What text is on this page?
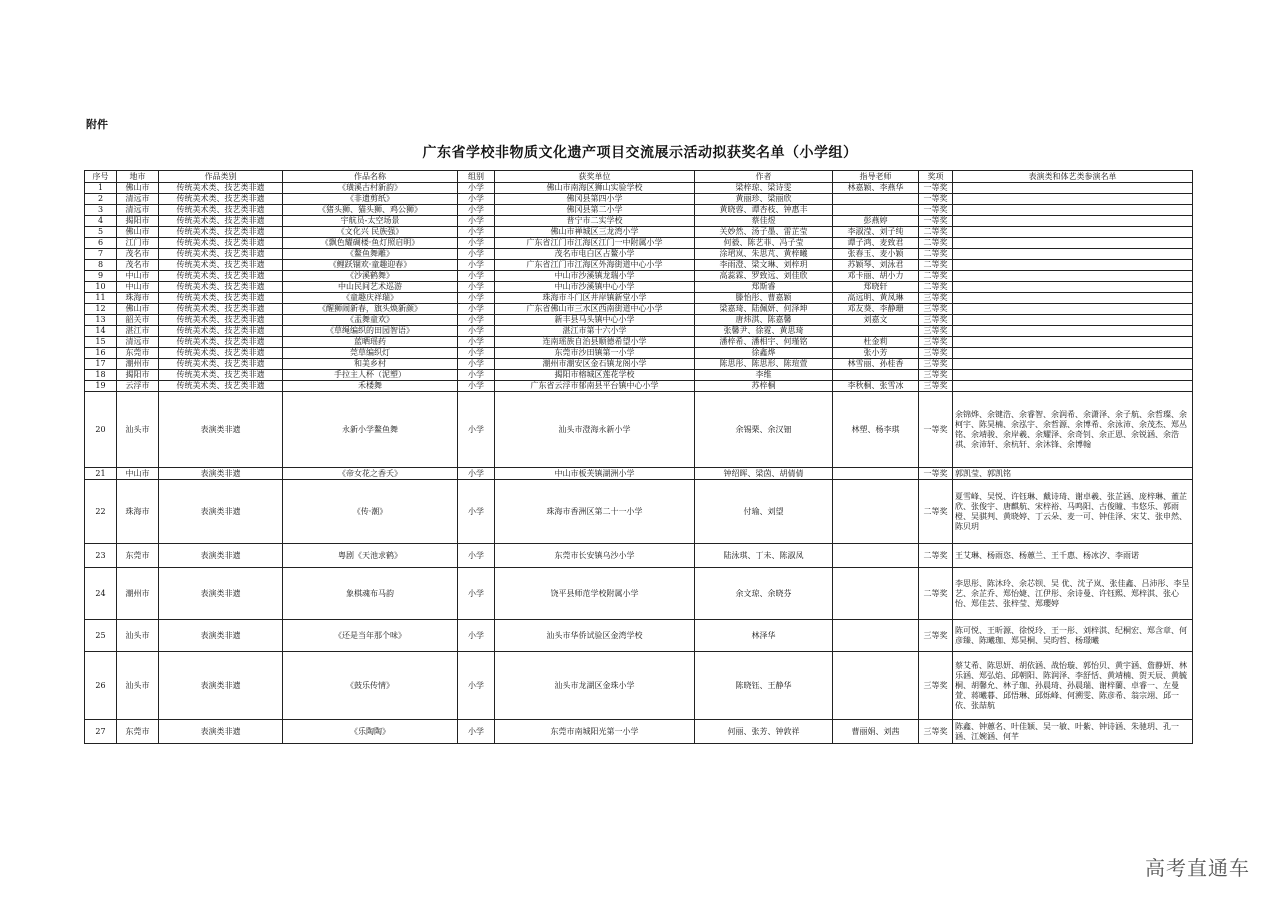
附件
广东省学校非物质文化遗产项目交流展示活动拟获奖名单（小学组）
序号	地市	作品类别	作品名称	组别	获奖单位	作者	指导老师	奖项	表演类和体艺类参演名单
1	佛山市	传统美术类、技艺类非遗	《璜溪古村新韵》	小学	佛山市南海区狮山实验学校	梁梓琼、梁诗雯	林嘉颖、李燕华	一等奖	
2	清远市	传统美术类、技艺类非遗	《非遗剪纸》	小学	佛冈县第四小学	黄丽珍、梁丽欣		一等奖	
3	清远市	传统美术类、技艺类非遗	《猪头狮、猫头狮、鸡公狮》	小学	佛冈县第二小学	黄晓蓉、谭杏枝、钟惠丰		一等奖	
4	揭阳市	传统美术类、技艺类非遗	宇航员-太空场景	小学	普宁市二实学校	蔡佳煜	彭燕婷	一等奖	
5	佛山市	传统美术类、技艺类非遗	《文化兴 民族强》	小学	佛山市禅城区三龙湾小学	关妙然、汤子墨、雷芷莹	李淑滢、刘子纯	二等奖	
6	江门市	传统美术类、技艺类非遗	《飘色耀碉楼·鱼灯照启明》	小学	广东省江门市江海区江门一中附属小学	何毅、陈艺菲、冯子莹	谭子鸿、麦致君	二等奖	
7	茂名市	传统美术类、技艺类非遗	《鳌鱼舞雕》	小学	茂名市电白区占鳌小学	涂珺岚、朱思芃、黄梓曦	张春玉、麦小颖	二等奖	
8	茂名市	传统美术类、技艺类非遗	《鲤跃锢欢·童趣迎春》	小学	广东省江门市江海区外海街道中心小学	李雨澄、梁文琳、刘梓玥	苏颖琴、刘泳君	二等奖	
9	中山市	传统美术类、技艺类非遗	《沙溪鹤舞》	小学	中山市沙溪镇龙瑞小学	高蕊霖、罗致远、刘佳欣	邓卡丽、胡小力	二等奖	
10	中山市	传统美术类、技艺类非遗	中山民间艺术巡游	小学	中山市沙溪镇中心小学	郑斯睿	郑晓轩	二等奖	
11	珠海市	传统美术类、技艺类非遗	《童趣庆祥瑞》	小学	珠海市斗门区井岸镇新堂小学	滕怡彤、曹嘉颖	高远明、黄凤琳	三等奖	
12	佛山市	传统美术类、技艺类非遗	《醒狮闹新春，旗头焕新颜》	小学	广东省佛山市三水区西南街道中心小学	梁嘉琦、陆佩妍、何泽坤	邓友葵、李静珊	三等奖	
13	韶关市	传统美术类、技艺类非遗	《盂舞童欢》	小学	新丰县马头镇中心小学	唐炜淇、陈嘉馨	刘嘉文	三等奖	
14	湛江市	传统美术类、技艺类非遗	《草绳编织的田园智语》	小学	湛江市第十六小学	张馨尹、徐霓、黄思琦		三等奖	
15	清远市	传统美术类、技艺类非遗	蓝晒瑶药	小学	连南瑶族自治县顺德希望小学	潘梓希、潘相宇、何瑾铭	杜金莉	三等奖	
16	东莞市	传统美术类、技艺类非遗	莞草编织灯	小学	东莞市沙田镇第一小学	徐鑫烨	张小芳	三等奖	
17	潮州市	传统美术类、技艺类非遗	和美乡村	小学	潮州市潮安区金石镇龙阁小学	陈思彤、陈思形、陈瑄萱	林雪丽、孙桂香	三等奖	
18	揭阳市	传统美术类、技艺类非遗	手拉主人杯（泥塑）	小学	揭阳市榕城区莲花学校	李维		三等奖	
19	云浮市	传统美术类、技艺类非遗	禾楼舞	小学	广东省云浮市郁南县平台镇中心小学	苏梓桐	李秋桐、张雪冰	三等奖	
20	汕头市	表演类非遗	永新小学鳌鱼舞	小学	汕头市澄海永新小学	余锡栗、余汉钿	林塑、杨李琪	一等奖	余锦烨、余键浩、余睿智、余润希、余潇泽、余子航、余哲璨、余柯宇、陈昊楠、余泓宇、余哲源、余博希、余泳沛、余茂杰、郑丛铭、余靖骏、余岸羲、余耀泽、余奇钊、余正恩、余锐涵、余浩祺、余沛轩、余杭轩、余沐锋、余博翰
21	中山市	表演类非遗	《帝女花之香夭》	小学	中山市板芙镇湖洲小学	钟绍晖、梁茵、胡倩倩		一等奖	郭凯莹、郭凯铭
22	珠海市	表演类非遗	《传·潮》	小学	珠海市香洲区第二十一小学	付瑜、刘望		二等奖	夏雪峰、吴悦、许钰琳、戴诗琦、谢卓羲、张芷涵、庞梓琳、董芷欣、张俊宇、唐麒航、宋梓裕、马鸣阳、古俊瞳、韦悠乐、郭雨橙、吴骐判、黄晓婷、丁云朵、麦一可、钟佳泽、宋艾、张申然、陈贝玥
23	东莞市	表演类非遗	粤剧《天池求鹤》	小学	东莞市长安镇乌沙小学	陆泳琪、丁未、陈淑凤		二等奖	王艾琳、杨雨恣、杨蕙兰、王千惠、杨冰汐、李雨诺
24	潮州市	表演类非遗	象棋魂布马韵	小学	饶平县师范学校附属小学	余文琼、余晓芬		二等奖	李思彤、陈沐玲、余芯钡、吴 优、沈子岚、张佳鑫、吕沛彤、李呈艺、余芷乔、郑怡婕、江伊彤、余诗曼、许钰熙、郑梓淇、张心怡、郑佳芸、张梓莹、郑瓔婷
25	汕头市	表演类非遗	《还是当年那个味》	小学	汕头市华侨试验区金湾学校	林泽华		三等奖	陈可悦、王昕源、徐悦玲、王一彤、刘梓淇、纪桐宏、郑含章、何彦臻、陈曦珈、郑昊桐、吴昀哲、杨璟曦
26	汕头市	表演类非遗	《鼓乐传情》	小学	汕头市龙湖区金珠小学	陈晓钰、王静华		三等奖	蔡艾希、陈思妍、胡依涵、战怡璇、郭怡贝、黄宇涵、詹静妍、林乐涵、郑弘焰、邱朝阳、陈润泽、李舒恬、黄靖楠、贺天辰、黄毓桐、胡馨允、林子珈、孙晨琦、孙晨瑞、谢梓蘭、卓睿一、左曼萱、蒋曦暮、邱悟琳、邱烁峰、何溯雯、陈彦希、翁宗翊、邱一依、张喆航
27	东莞市	表演类非遗	《乐陶陶》	小学	东莞市南城阳光第一小学	何丽、张芳、钟敦祥	曹丽娟、刘茜	三等奖	陈鑫、钟蕙名、叶佳颖、吴一敏、叶紫、钟诗涵、朱驰玥、孔一涵、江婉涵、何芊
高考直通车
